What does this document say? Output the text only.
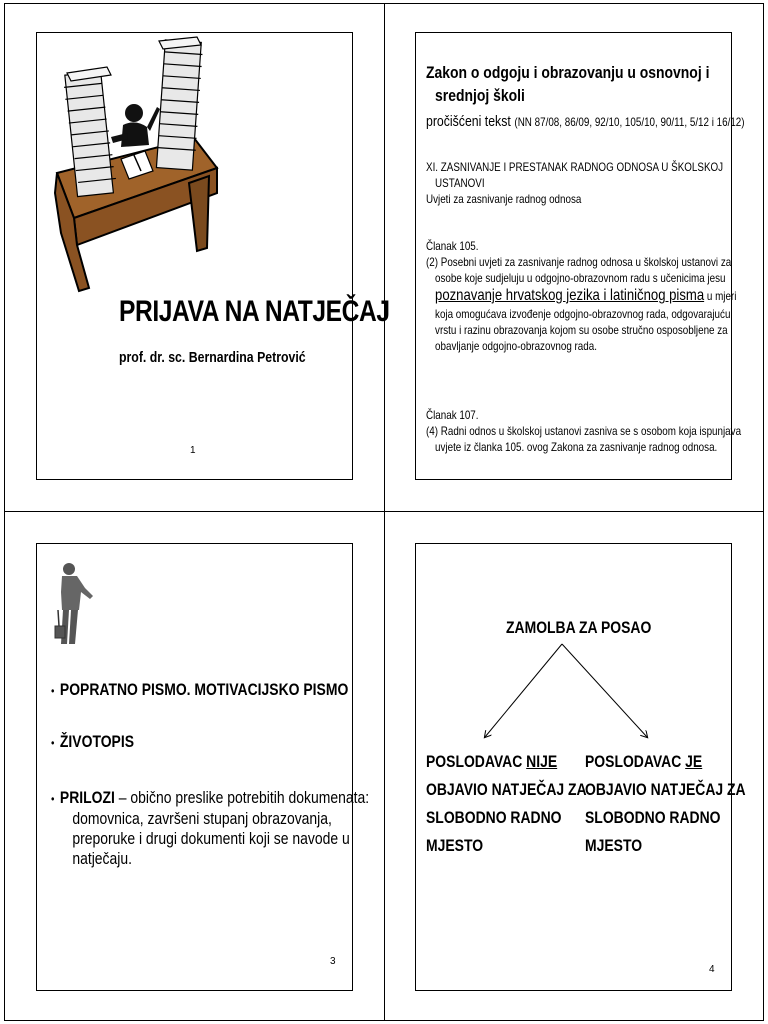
PRIJAVA NA NATJEČAJ
prof. dr. sc. Bernardina Petrović
1
Zakon o odgoju i obrazovanju u osnovnoj i
srednjoj školi
pročišćeni tekst (NN 87/08, 86/09, 92/10, 105/10, 90/11, 5/12 i 16/12)
XI. ZASNIVANJE I PRESTANAK RADNOG ODNOSA U ŠKOLSKOJ
USTANOVI
Uvjeti za zasnivanje radnog odnosa
Članak 105.
(2) Posebni uvjeti za zasnivanje radnog odnosa u školskoj ustanovi za
osobe koje sudjeluju u odgojno-obrazovnom radu s učenicima jesu
poznavanje hrvatskog jezika i latiničnog pisma u mjeri
koja omogućava izvođenje odgojno-obrazovnog rada, odgovarajuću
vrstu i razinu obrazovanja kojom su osobe stručno osposobljene za
obavljanje odgojno-obrazovnog rada.
Članak 107.
(4) Radni odnos u školskoj ustanovi zasniva se s osobom koja ispunjava
uvjete iz članka 105. ovog Zakona za zasnivanje radnog odnosa.
•  POPRATNO PISMO. MOTIVACIJSKO PISMO
•  ŽIVOTOPIS
•  PRILOZI – obično preslike potrebitih dokumenata:
domovnica, završeni stupanj obrazovanja,
preporuke i drugi dokumenti koji se navode u
natječaju.
3
ZAMOLBA ZA POSAO
POSLODAVAC NIJE
OBJAVIO NATJEČAJ ZA
SLOBODNO RADNO
MJESTO
POSLODAVAC JE
OBJAVIO NATJEČAJ ZA
SLOBODNO RADNO
MJESTO
4
